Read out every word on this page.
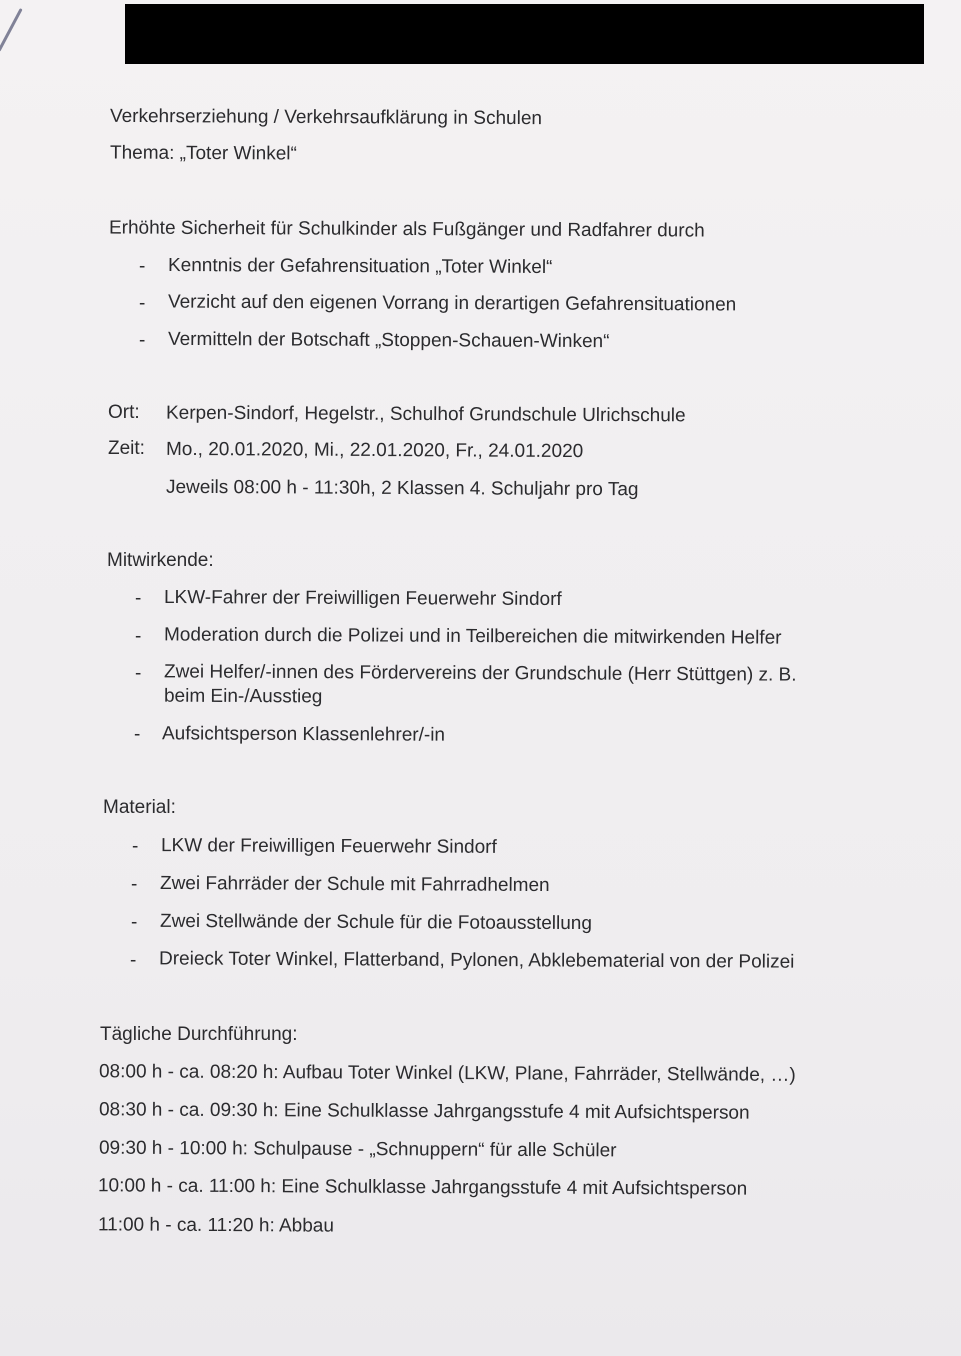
Verkehrserziehung / Verkehrsaufklärung in Schulen
Thema: „Toter Winkel“
Erhöhte Sicherheit für Schulkinder als Fußgänger und Radfahrer durch
- Kenntnis der Gefahrensituation „Toter Winkel“
- Verzicht auf den eigenen Vorrang in derartigen Gefahrensituationen
- Vermitteln der Botschaft „Stoppen-Schauen-Winken“
Ort: Kerpen-Sindorf, Hegelstr., Schulhof Grundschule Ulrichschule
Zeit: Mo., 20.01.2020, Mi., 22.01.2020, Fr., 24.01.2020
Jeweils 08:00 h - 11:30h, 2 Klassen 4. Schuljahr pro Tag
Mitwirkende:
- LKW-Fahrer der Freiwilligen Feuerwehr Sindorf
- Moderation durch die Polizei und in Teilbereichen die mitwirkenden Helfer
- Zwei Helfer/-innen des Fördervereins der Grundschule (Herr Stüttgen) z. B.
beim Ein-/Ausstieg
- Aufsichtsperson Klassenlehrer/-in
Material:
- LKW der Freiwilligen Feuerwehr Sindorf
- Zwei Fahrräder der Schule mit Fahrradhelmen
- Zwei Stellwände der Schule für die Fotoausstellung
- Dreieck Toter Winkel, Flatterband, Pylonen, Abklebematerial von der Polizei
Tägliche Durchführung:
08:00 h - ca. 08:20 h: Aufbau Toter Winkel (LKW, Plane, Fahrräder, Stellwände, …)
08:30 h - ca. 09:30 h: Eine Schulklasse Jahrgangsstufe 4 mit Aufsichtsperson
09:30 h - 10:00 h: Schulpause - „Schnuppern“ für alle Schüler
10:00 h - ca. 11:00 h: Eine Schulklasse Jahrgangsstufe 4 mit Aufsichtsperson
11:00 h - ca. 11:20 h: Abbau
